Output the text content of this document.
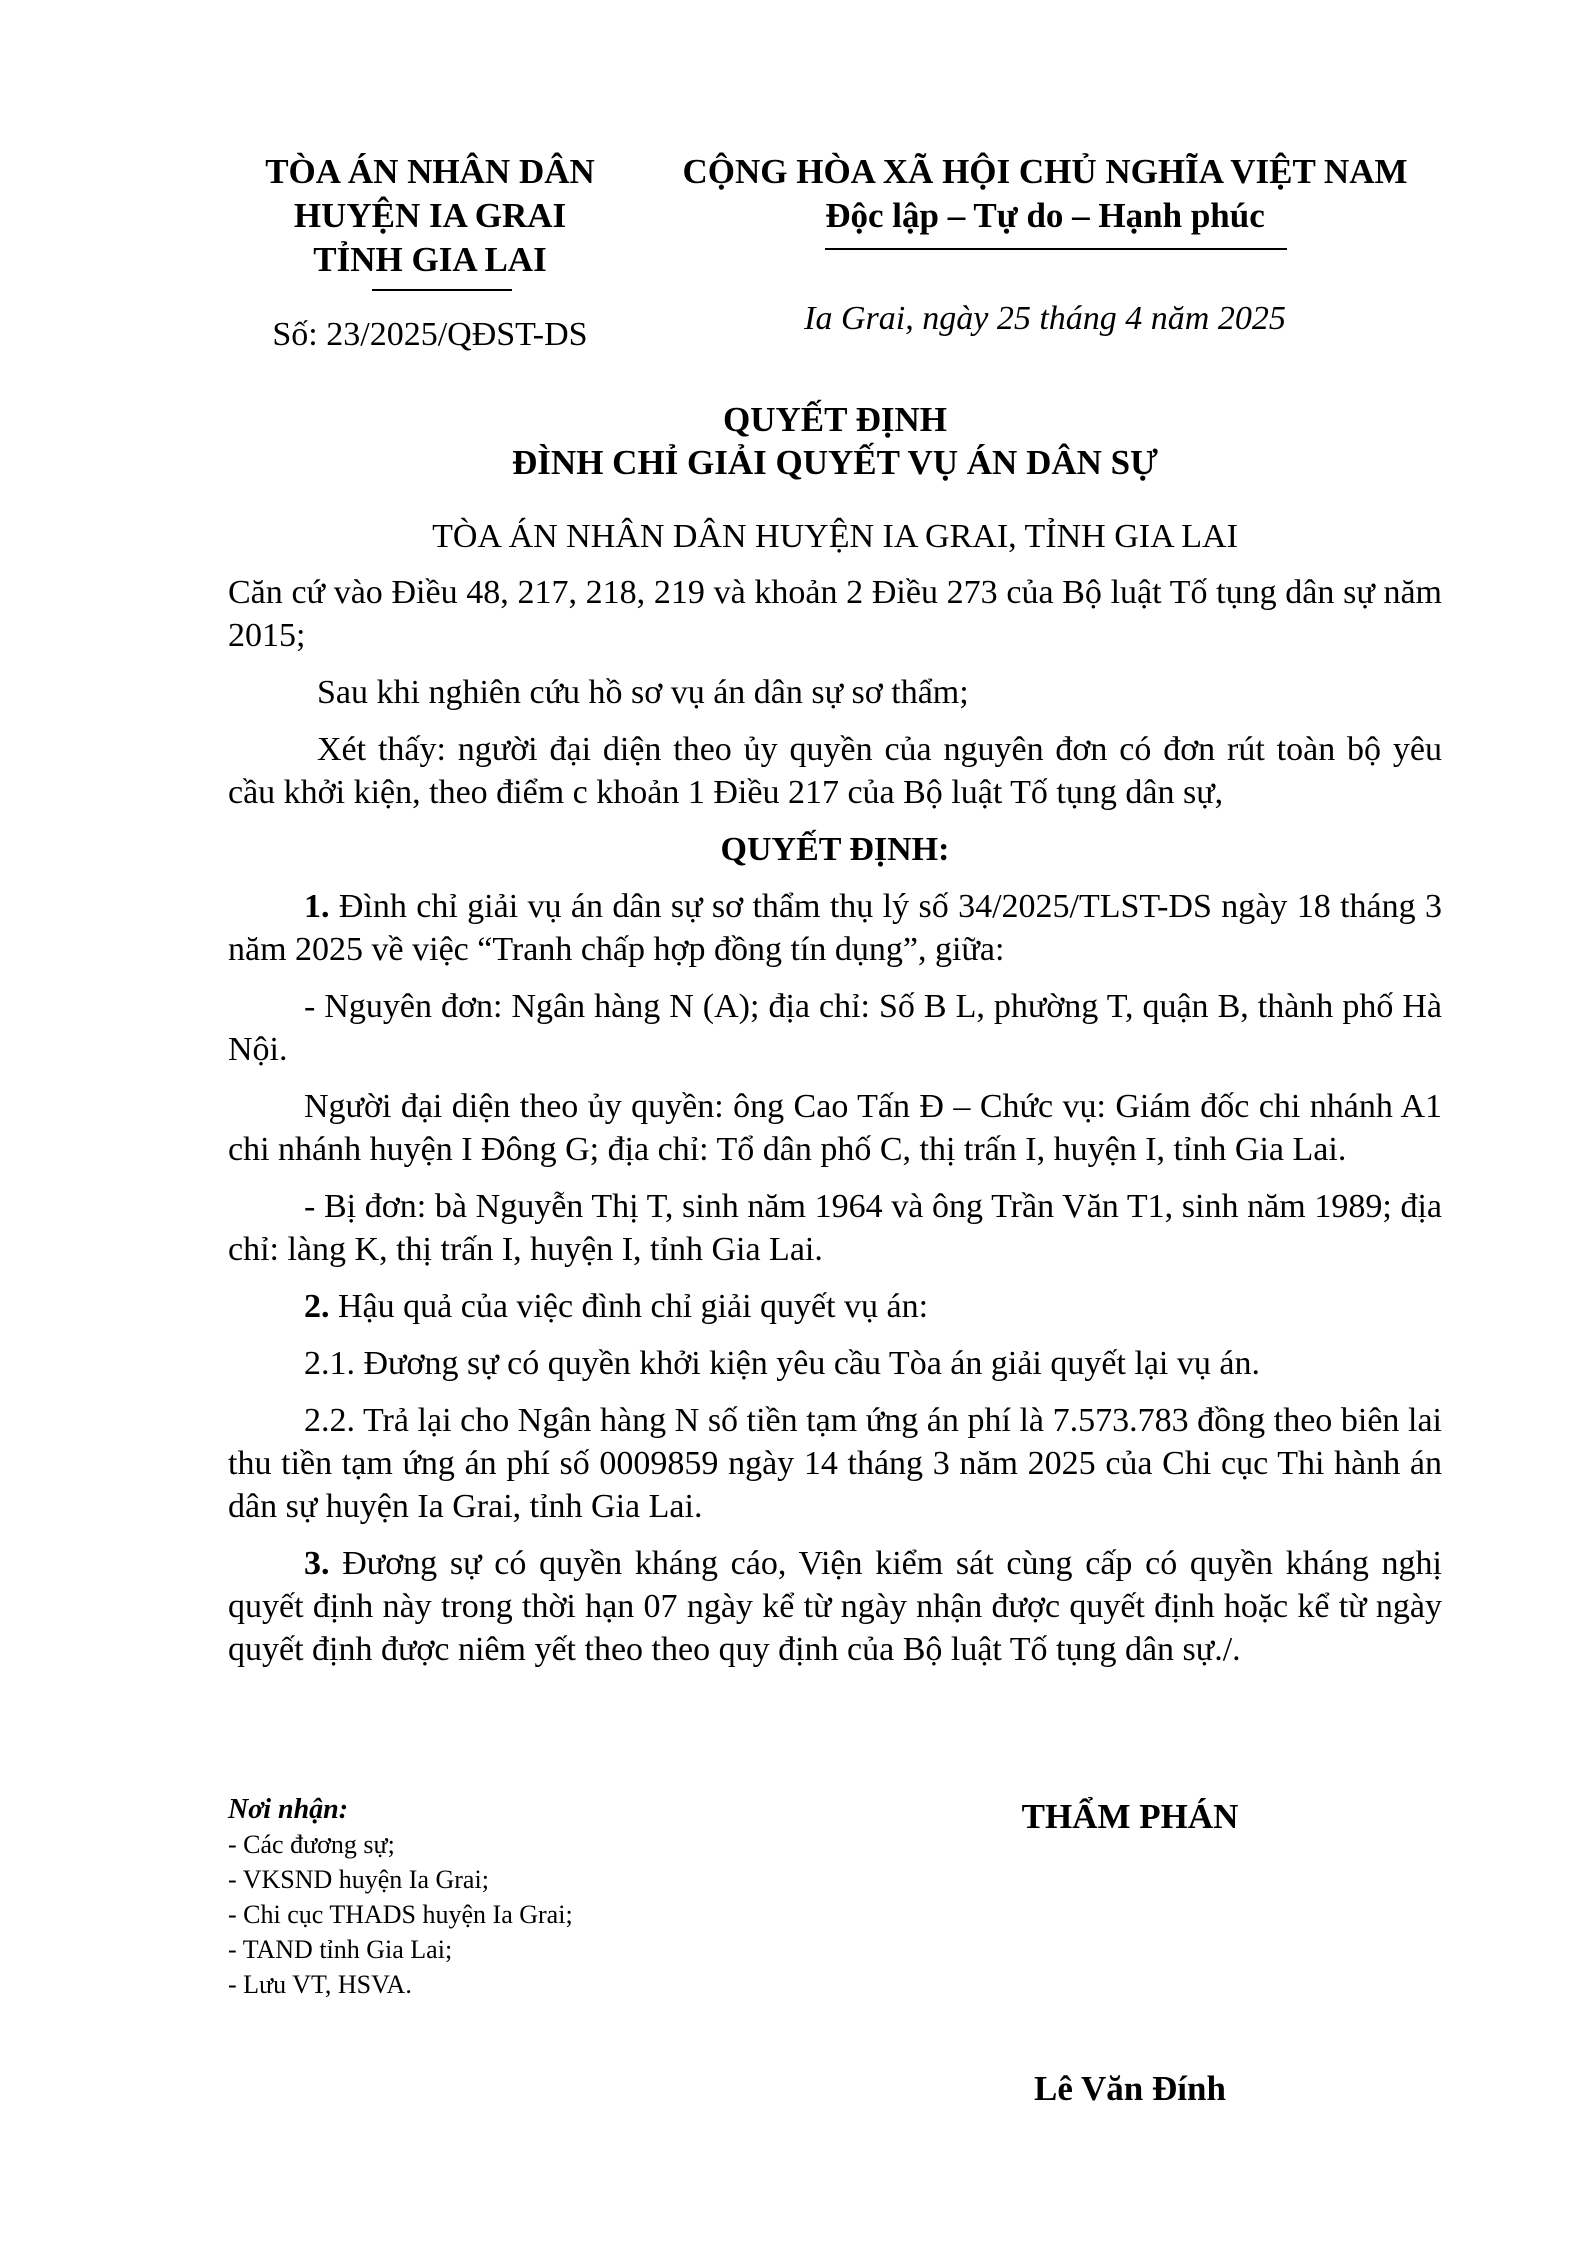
TÒA ÁN NHÂN DÂN
HUYỆN IA GRAI
TỈNH GIA LAI
Số: 23/2025/QĐST-DS
CỘNG HÒA XÃ HỘI CHỦ NGHĨA VIỆT NAM
Độc lập – Tự do – Hạnh phúc
Ia Grai, ngày 25 tháng 4 năm 2025
QUYẾT ĐỊNH
ĐÌNH CHỈ GIẢI QUYẾT VỤ ÁN DÂN SỰ
TÒA ÁN NHÂN DÂN HUYỆN IA GRAI, TỈNH GIA LAI

Căn cứ vào Điều 48, 217, 218, 219 và khoản 2 Điều 273 của Bộ luật Tố tụng dân sự năm 2015;

Sau khi nghiên cứu hồ sơ vụ án dân sự sơ thẩm;

Xét thấy: người đại diện theo ủy quyền của nguyên đơn có đơn rút toàn bộ yêu cầu khởi kiện, theo điểm c khoản 1 Điều 217 của Bộ luật Tố tụng dân sự,

QUYẾT ĐỊNH:

1. Đình chỉ giải vụ án dân sự sơ thẩm thụ lý số 34/2025/TLST-DS ngày 18 tháng 3 năm 2025 về việc “Tranh chấp hợp đồng tín dụng”, giữa:

- Nguyên đơn: Ngân hàng N (A); địa chỉ: Số B L, phường T, quận B, thành phố Hà Nội.

Người đại diện theo ủy quyền: ông Cao Tấn Đ – Chức vụ: Giám đốc chi nhánh A1 chi nhánh huyện I Đông G; địa chỉ: Tổ dân phố C, thị trấn I, huyện I, tỉnh Gia Lai.

- Bị đơn: bà Nguyễn Thị T, sinh năm 1964 và ông Trần Văn T1, sinh năm 1989; địa chỉ: làng K, thị trấn I, huyện I, tỉnh Gia Lai.

2. Hậu quả của việc đình chỉ giải quyết vụ án:

2.1. Đương sự có quyền khởi kiện yêu cầu Tòa án giải quyết lại vụ án.

2.2. Trả lại cho Ngân hàng N số tiền tạm ứng án phí là 7.573.783 đồng theo biên lai thu tiền tạm ứng án phí số 0009859 ngày 14 tháng 3 năm 2025 của Chi cục Thi hành án dân sự huyện Ia Grai, tỉnh Gia Lai.

3. Đương sự có quyền kháng cáo, Viện kiểm sát cùng cấp có quyền kháng nghị quyết định này trong thời hạn 07 ngày kể từ ngày nhận được quyết định hoặc kể từ ngày quyết định được niêm yết theo theo quy định của Bộ luật Tố tụng dân sự./.

Nơi nhận:
- Các đương sự;
- VKSND huyện Ia Grai;
- Chi cục THADS huyện Ia Grai;
- TAND tỉnh Gia Lai;
- Lưu VT, HSVA.
THẨM PHÁN
Lê Văn Đính
